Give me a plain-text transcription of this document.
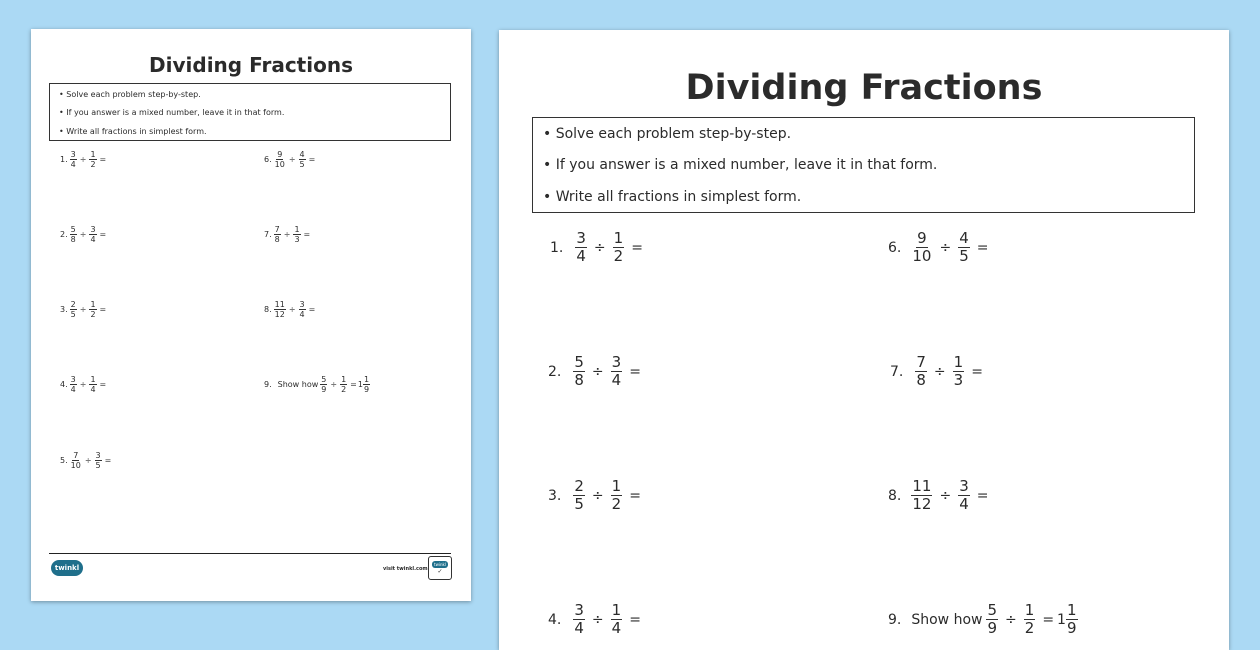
Dividing Fractions
• Solve each problem step-by-step.
• If you answer is a mixed number, leave it in that form.
• Write all fractions in simplest form.
1. $\frac{3}{4} \div \frac{1}{2}$ =
2. $\frac{5}{8} \div \frac{3}{4}$ =
3. $\frac{2}{5} \div \frac{1}{2}$ =
4. $\frac{3}{4} \div \frac{1}{4}$ =
5. $\frac{7}{10} \div \frac{3}{5}$ =
6. $\frac{9}{10} \div \frac{4}{5}$ =
7. $\frac{7}{8} \div \frac{1}{3}$ =
8. $\frac{11}{12} \div \frac{3}{4}$ =
9. Show how $\frac{5}{9} \div \frac{1}{2} = 1 \frac{1}{9}$
twinkl	visit twinkl.com
twinkl
✓
Dividing Fractions
• Solve each problem step-by-step.
• If you answer is a mixed number, leave it in that form.
• Write all fractions in simplest form.
1. $\frac{3}{4} \div \frac{1}{2}$ =
2. $\frac{5}{8} \div \frac{3}{4}$ =
3. $\frac{2}{5} \div \frac{1}{2}$ =
4. $\frac{3}{4} \div \frac{1}{4}$ =
6. $\frac{9}{10} \div \frac{4}{5}$ =
7. $\frac{7}{8} \div \frac{1}{3}$ =
8. $\frac{11}{12} \div \frac{3}{4}$ =
9. Show how $\frac{5}{9} \div \frac{1}{2} = 1 \frac{1}{9}$
